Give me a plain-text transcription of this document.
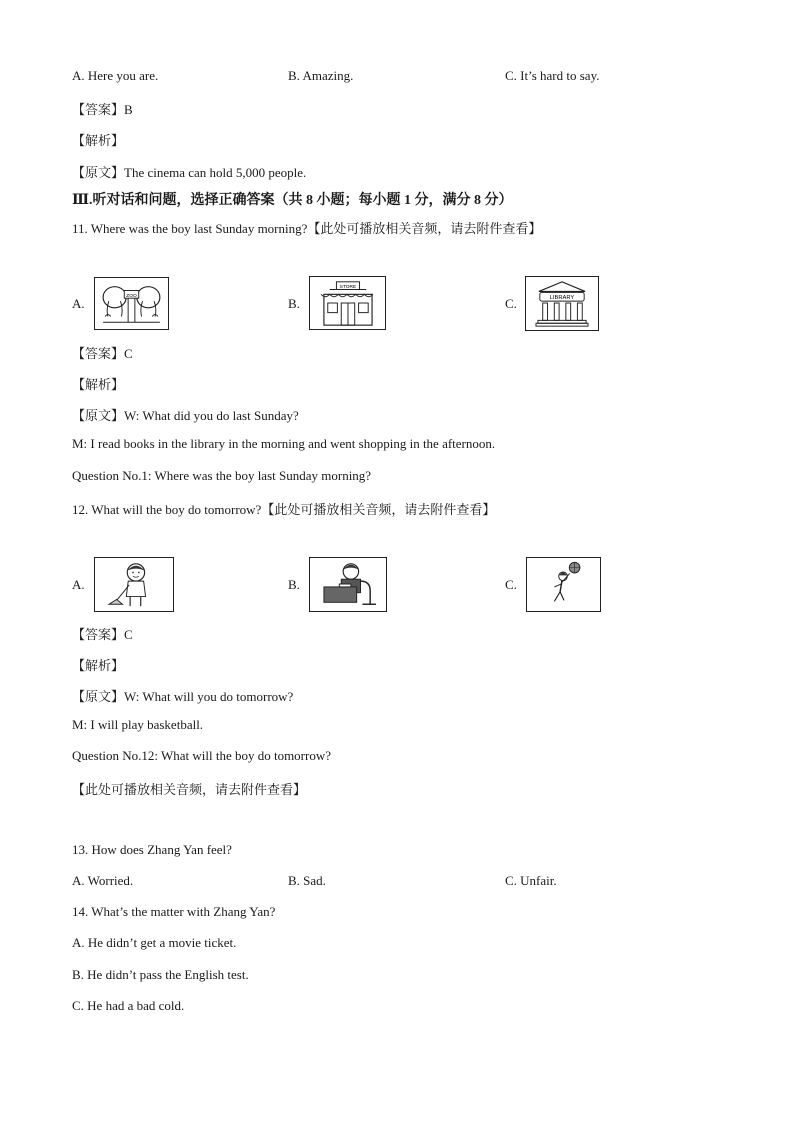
A. Here you are.	B. Amazing.	C. It’s hard to say.
【答案】B
【解析】
【原文】The cinema can hold 5,000 people.
Ⅲ.听对话和问题，选择正确答案（共 8 小题；每小题 1 分，满分 8 分）
11. Where was the boy last Sunday morning?【此处可播放相关音频，请去附件查看】
A.	ZOO	B.
STORE
C.	LIBRARY
【答案】C
【解析】
【原文】W: What did you do last Sunday?
M: I read books in the library in the morning and went shopping in the afternoon.
Question No.1: Where was the boy last Sunday morning?
12. What will the boy do tomorrow?【此处可播放相关音频，请去附件查看】
A.	B.	C.
【答案】C
【解析】
【原文】W: What will you do tomorrow?
M: I will play basketball.
Question No.12: What will the boy do tomorrow?
【此处可播放相关音频，请去附件查看】
13. How does Zhang Yan feel?
A. Worried.	B. Sad.	C. Unfair.
14. What’s the matter with Zhang Yan?
A. He didn’t get a movie ticket.
B. He didn’t pass the English test.
C. He had a bad cold.
